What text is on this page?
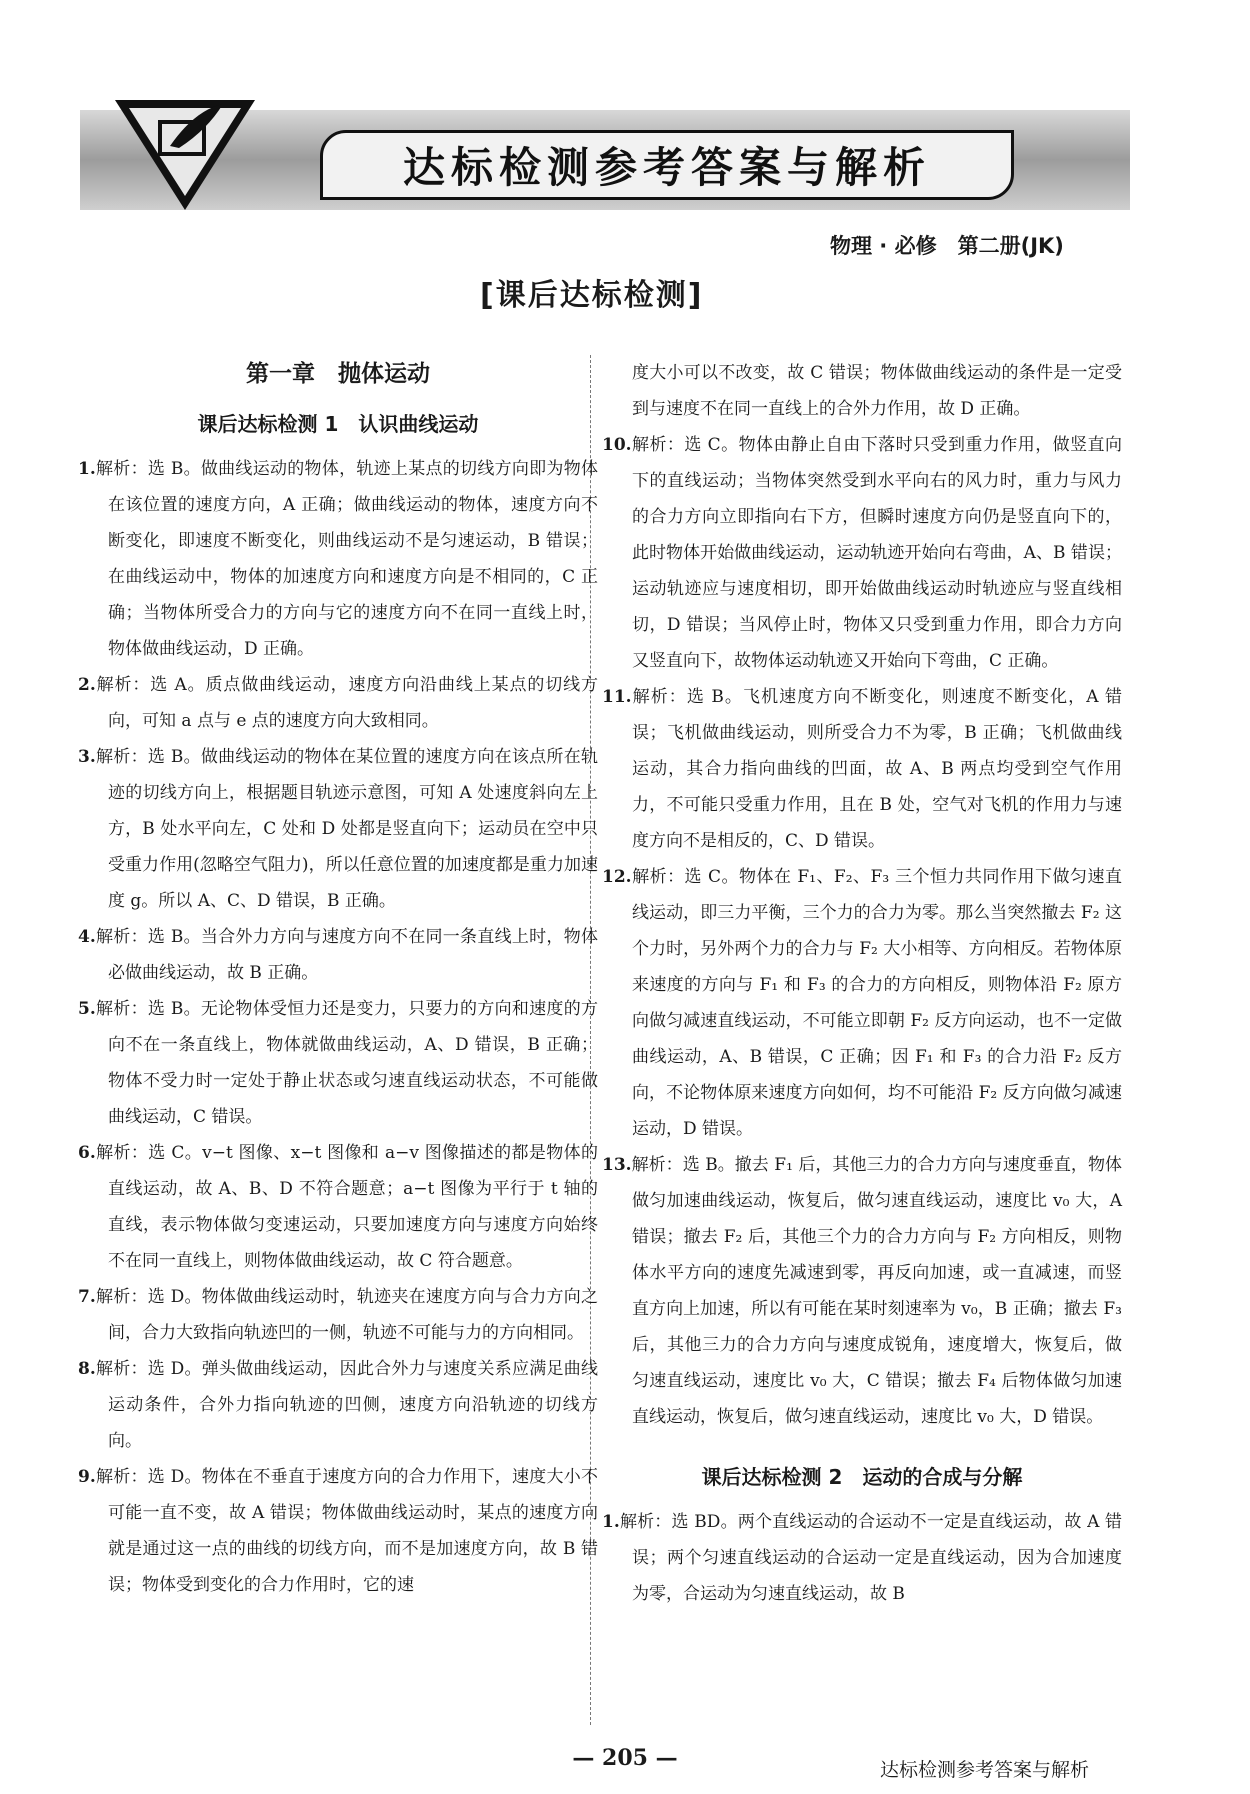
达标检测参考答案与解析
物理 · 必修　第二册(JK)
[课后达标检测]
第一章　抛体运动
课后达标检测 1　认识曲线运动

1.解析：选 B。做曲线运动的物体，轨迹上某点的切线方向即为物体在该位置的速度方向，A 正确；做曲线运动的物体，速度方向不断变化，即速度不断变化，则曲线运动不是匀速运动，B 错误；在曲线运动中，物体的加速度方向和速度方向是不相同的，C 正确；当物体所受合力的方向与它的速度方向不在同一直线上时，物体做曲线运动，D 正确。

2.解析：选 A。质点做曲线运动，速度方向沿曲线上某点的切线方向，可知 a 点与 e 点的速度方向大致相同。

3.解析：选 B。做曲线运动的物体在某位置的速度方向在该点所在轨迹的切线方向上，根据题目轨迹示意图，可知 A 处速度斜向左上方，B 处水平向左，C 处和 D 处都是竖直向下；运动员在空中只受重力作用(忽略空气阻力)，所以任意位置的加速度都是重力加速度 g。所以 A、C、D 错误，B 正确。

4.解析：选 B。当合外力方向与速度方向不在同一条直线上时，物体必做曲线运动，故 B 正确。

5.解析：选 B。无论物体受恒力还是变力，只要力的方向和速度的方向不在一条直线上，物体就做曲线运动，A、D 错误，B 正确；物体不受力时一定处于静止状态或匀速直线运动状态，不可能做曲线运动，C 错误。

6.解析：选 C。v−t 图像、x−t 图像和 a−v 图像描述的都是物体的直线运动，故 A、B、D 不符合题意；a−t 图像为平行于 t 轴的直线，表示物体做匀变速运动，只要加速度方向与速度方向始终不在同一直线上，则物体做曲线运动，故 C 符合题意。

7.解析：选 D。物体做曲线运动时，轨迹夹在速度方向与合力方向之间，合力大致指向轨迹凹的一侧，轨迹不可能与力的方向相同。

8.解析：选 D。弹头做曲线运动，因此合外力与速度关系应满足曲线运动条件，合外力指向轨迹的凹侧，速度方向沿轨迹的切线方向。

9.解析：选 D。物体在不垂直于速度方向的合力作用下，速度大小不可能一直不变，故 A 错误；物体做曲线运动时，某点的速度方向就是通过这一点的曲线的切线方向，而不是加速度方向，故 B 错误；物体受到变化的合力作用时，它的速

度大小可以不改变，故 C 错误；物体做曲线运动的条件是一定受到与速度不在同一直线上的合外力作用，故 D 正确。

10.解析：选 C。物体由静止自由下落时只受到重力作用，做竖直向下的直线运动；当物体突然受到水平向右的风力时，重力与风力的合力方向立即指向右下方，但瞬时速度方向仍是竖直向下的，此时物体开始做曲线运动，运动轨迹开始向右弯曲，A、B 错误；运动轨迹应与速度相切，即开始做曲线运动时轨迹应与竖直线相切，D 错误；当风停止时，物体又只受到重力作用，即合力方向又竖直向下，故物体运动轨迹又开始向下弯曲，C 正确。

11.解析：选 B。飞机速度方向不断变化，则速度不断变化，A 错误；飞机做曲线运动，则所受合力不为零，B 正确；飞机做曲线运动，其合力指向曲线的凹面，故 A、B 两点均受到空气作用力，不可能只受重力作用，且在 B 处，空气对飞机的作用力与速度方向不是相反的，C、D 错误。

12.解析：选 C。物体在 F₁、F₂、F₃ 三个恒力共同作用下做匀速直线运动，即三力平衡，三个力的合力为零。那么当突然撤去 F₂ 这个力时，另外两个力的合力与 F₂ 大小相等、方向相反。若物体原来速度的方向与 F₁ 和 F₃ 的合力的方向相反，则物体沿 F₂ 原方向做匀减速直线运动，不可能立即朝 F₂ 反方向运动，也不一定做曲线运动，A、B 错误，C 正确；因 F₁ 和 F₃ 的合力沿 F₂ 反方向，不论物体原来速度方向如何，均不可能沿 F₂ 反方向做匀减速运动，D 错误。

13.解析：选 B。撤去 F₁ 后，其他三力的合力方向与速度垂直，物体做匀加速曲线运动，恢复后，做匀速直线运动，速度比 v₀ 大，A 错误；撤去 F₂ 后，其他三个力的合力方向与 F₂ 方向相反，则物体水平方向的速度先减速到零，再反向加速，或一直减速，而竖直方向上加速，所以有可能在某时刻速率为 v₀，B 正确；撤去 F₃ 后，其他三力的合力方向与速度成锐角，速度增大，恢复后，做匀速直线运动，速度比 v₀ 大，C 错误；撤去 F₄ 后物体做匀加速直线运动，恢复后，做匀速直线运动，速度比 v₀ 大，D 错误。

课后达标检测 2　运动的合成与分解

1.解析：选 BD。两个直线运动的合运动不一定是直线运动，故 A 错误；两个匀速直线运动的合运动一定是直线运动，因为合加速度为零，合运动为匀速直线运动，故 B

— 205 —	达标检测参考答案与解析
